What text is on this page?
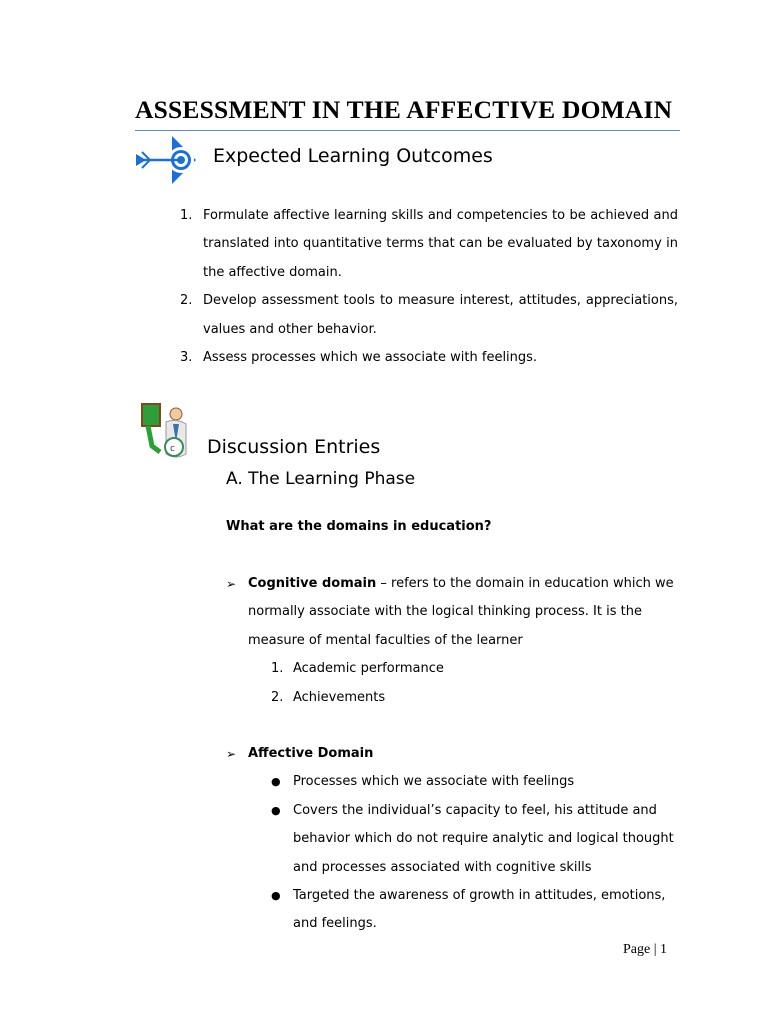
ASSESSMENT IN THE AFFECTIVE DOMAIN
Expected Learning Outcomes
1. Formulate affective learning skills and competencies to be achieved and translated into quantitative terms that can be evaluated by taxonomy in the affective domain.
2. Develop assessment tools to measure interest, attitudes, appreciations, values and other behavior.
3. Assess processes which we associate with feelings.
c Discussion Entries
A. The Learning Phase

What are the domains in education?

➢ Cognitive domain – refers to the domain in education which we normally associate with the logical thinking process. It is the measure of mental faculties of the learner
1. Academic performance
2. Achievements
➢ Affective Domain
● Processes which we associate with feelings
● Covers the individual’s capacity to feel, his attitude and behavior which do not require analytic and logical thought and processes associated with cognitive skills
● Targeted the awareness of growth in attitudes, emotions, and feelings.
Page | 1
